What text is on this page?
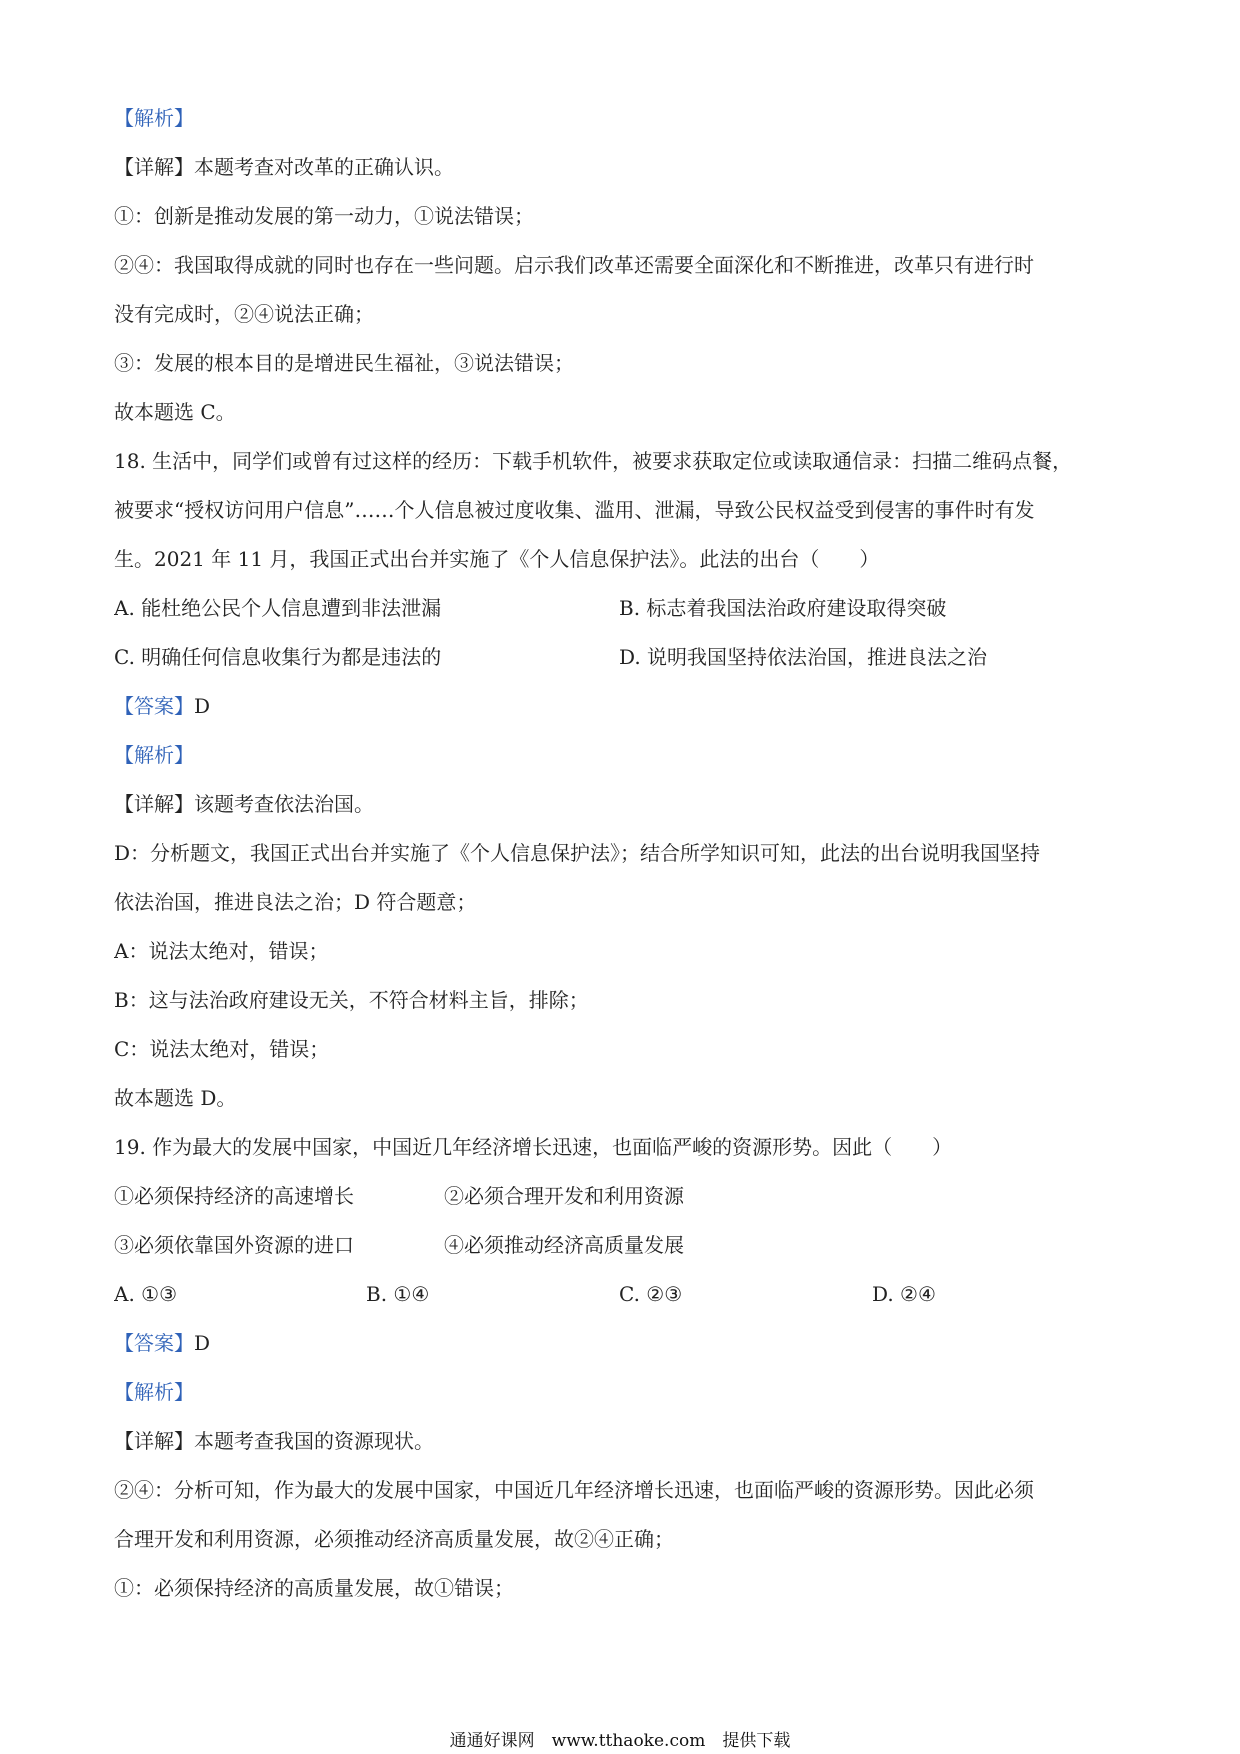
【解析】
【详解】本题考查对改革的正确认识。
①：创新是推动发展的第一动力，①说法错误；
②④：我国取得成就的同时也存在一些问题。启示我们改革还需要全面深化和不断推进，改革只有进行时
没有完成时，②④说法正确；
③：发展的根本目的是增进民生福祉，③说法错误；
故本题选 C。
18. 生活中，同学们或曾有过这样的经历：下载手机软件，被要求获取定位或读取通信录：扫描二维码点餐，
被要求“授权访问用户信息”……个人信息被过度收集、滥用、泄漏，导致公民权益受到侵害的事件时有发
生。2021 年 11 月，我国正式出台并实施了《个人信息保护法》。此法的出台（　　）
A. 能杜绝公民个人信息遭到非法泄漏	B. 标志着我国法治政府建设取得突破
C. 明确任何信息收集行为都是违法的	D. 说明我国坚持依法治国，推进良法之治
【答案】D
【解析】
【详解】该题考查依法治国。
D：分析题文，我国正式出台并实施了《个人信息保护法》；结合所学知识可知，此法的出台说明我国坚持
依法治国，推进良法之治；D 符合题意；
A：说法太绝对，错误；
B：这与法治政府建设无关，不符合材料主旨，排除；
C：说法太绝对，错误；
故本题选 D。
19. 作为最大的发展中国家，中国近几年经济增长迅速，也面临严峻的资源形势。因此（　　）
①必须保持经济的高速增长	②必须合理开发和利用资源
③必须依靠国外资源的进口	④必须推动经济高质量发展
A. ①③	B. ①④	C. ②③	D. ②④
【答案】D
【解析】
【详解】本题考查我国的资源现状。
②④：分析可知，作为最大的发展中国家，中国近几年经济增长迅速，也面临严峻的资源形势。因此必须
合理开发和利用资源，必须推动经济高质量发展，故②④正确；
①：必须保持经济的高质量发展，故①错误；
通通好课网　www.tthaoke.com　提供下载
